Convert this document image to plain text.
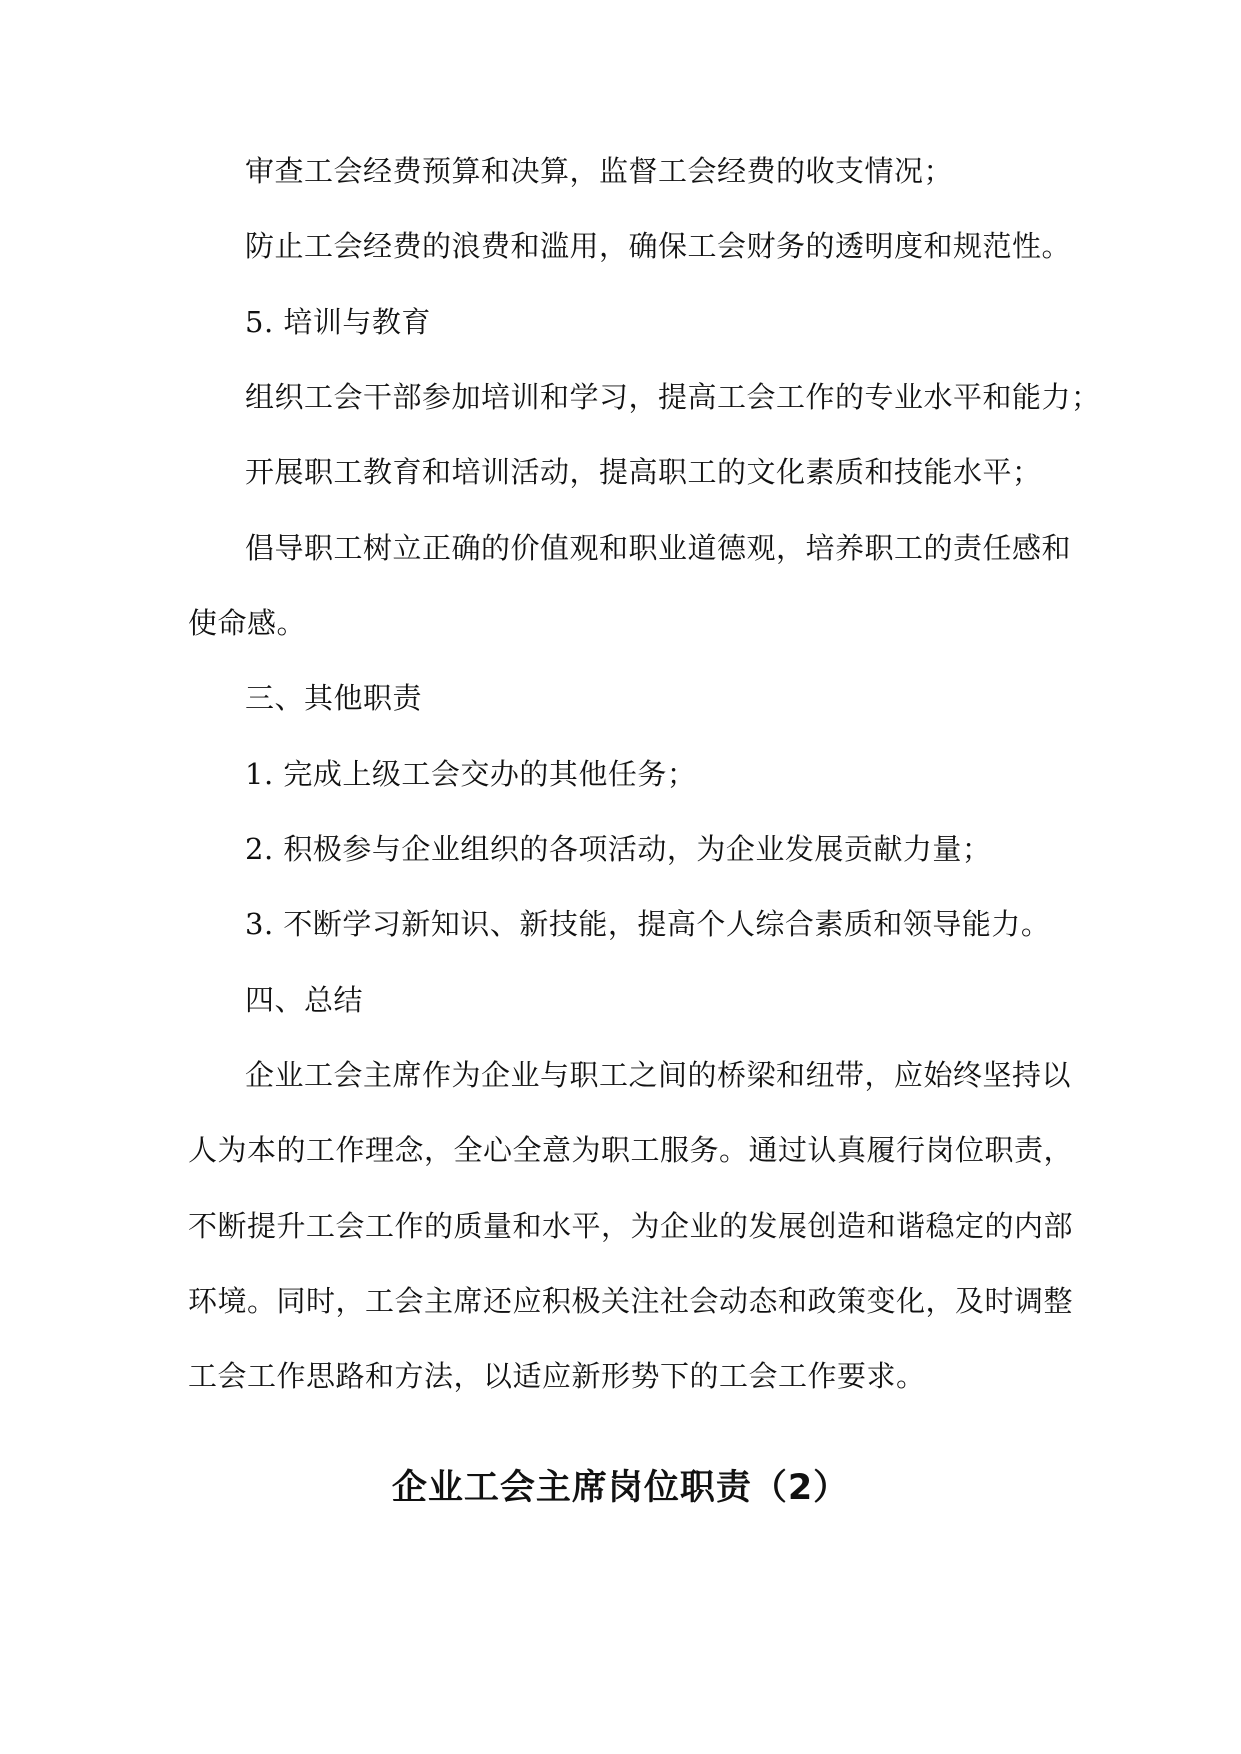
审查工会经费预算和决算，监督工会经费的收支情况；
防止工会经费的浪费和滥用，确保工会财务的透明度和规范性。
5. 培训与教育
组织工会干部参加培训和学习，提高工会工作的专业水平和能力；
开展职工教育和培训活动，提高职工的文化素质和技能水平；
倡导职工树立正确的价值观和职业道德观，培养职工的责任感和
使命感。
三、其他职责
1. 完成上级工会交办的其他任务；
2. 积极参与企业组织的各项活动，为企业发展贡献力量；
3. 不断学习新知识、新技能，提高个人综合素质和领导能力。
四、总结
企业工会主席作为企业与职工之间的桥梁和纽带，应始终坚持以
人为本的工作理念，全心全意为职工服务。通过认真履行岗位职责，
不断提升工会工作的质量和水平，为企业的发展创造和谐稳定的内部
环境。同时，工会主席还应积极关注社会动态和政策变化，及时调整
工会工作思路和方法，以适应新形势下的工会工作要求。
企业工会主席岗位职责（2）
